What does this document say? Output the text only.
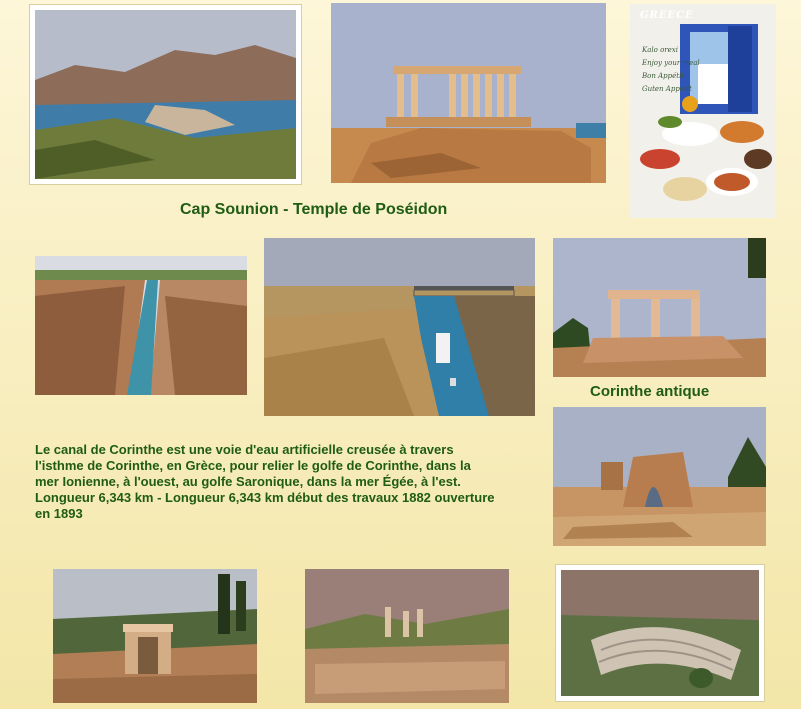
GREECE
Kalo orexi
Enjoy your meal
Bon Appétit
Guten Appetit
Cap Sounion - Temple de Poséidon
Corinthe antique
Le canal de Corinthe est une voie d'eau artificielle creusée à travers
l'isthme de Corinthe, en Grèce, pour relier le golfe de Corinthe, dans la
mer Ionienne, à l'ouest, au golfe Saronique, dans la mer Égée, à l'est.
Longueur 6,343 km - Longueur 6,343 km début des travaux 1882 ouverture
en 1893
